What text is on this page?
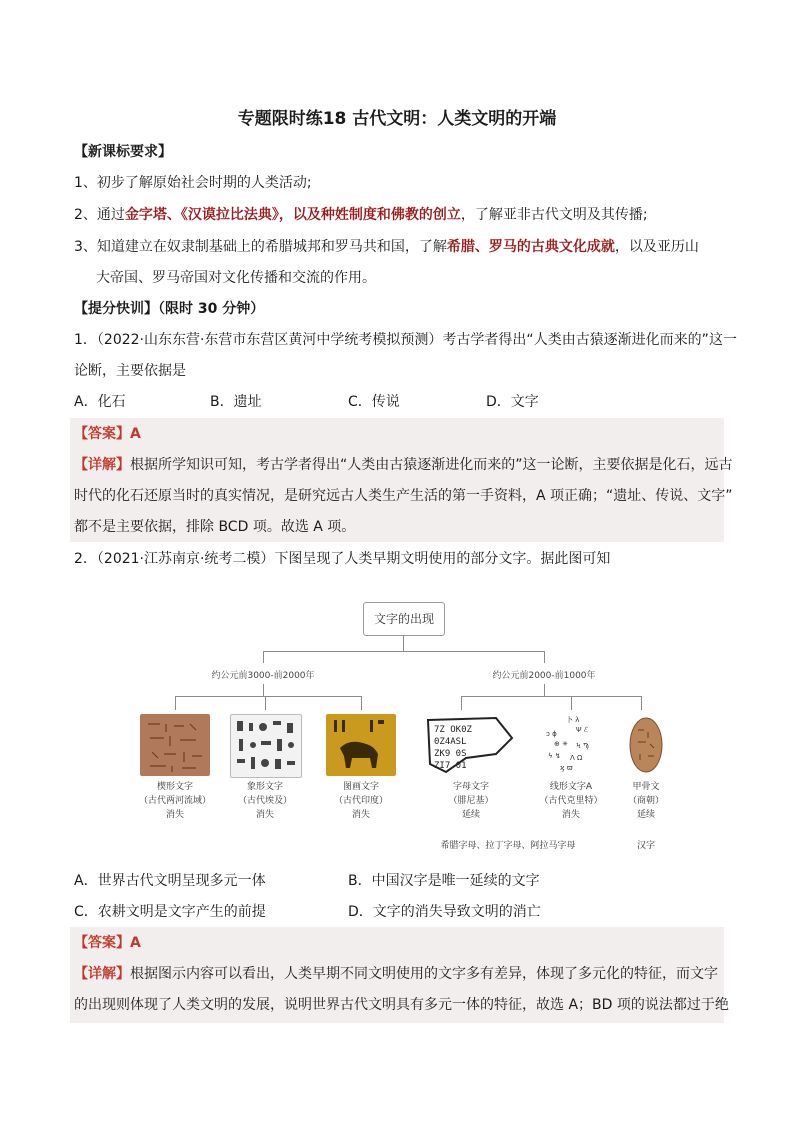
专题限时练18 古代文明：人类文明的开端
【新课标要求】
1、初步了解原始社会时期的人类活动;
2、通过金字塔、《汉谟拉比法典》，以及种姓制度和佛教的创立，了解亚非古代文明及其传播;
3、知道建立在奴隶制基础上的希腊城邦和罗马共和国，了解希腊、罗马的古典文化成就，以及亚历山
大帝国、罗马帝国对文化传播和交流的作用。
【提分快训】（限时 30 分钟）
1．（2022·山东东营·东营市东营区黄河中学统考模拟预测）考古学者得出“人类由古猿逐渐进化而来的”这一
论断，主要依据是
A．化石	B．遗址	C．传说	D．文字
【答案】A
【详解】根据所学知识可知，考古学者得出“人类由古猿逐渐进化而来的”这一论断，主要依据是化石，远古
时代的化石还原当时的真实情况，是研究远古人类生产生活的第一手资料，A 项正确；“遗址、传说、文字”
都不是主要依据，排除 BCD 项。故选 A 项。
2．（2021·江苏南京·统考二模）下图呈现了人类早期文明使用的部分文字。据此图可知
文字的出现
约公元前3000-前2000年	约公元前2000-前1000年
7Z OK0Z
0Z4ASL
ZK9 0S
ZI7 01
卜 λ
Ψ ℰ
ↄ ϕ
⊕ ✳ Ϟ Ϡ
ϟ ↯ Λ Ω
ϗ ϖ
楔形文字
（古代两河流域）
消失
象形文字
（古代埃及）
消失
图画文字
（古代印度）
消失
字母文字
（腓尼基）
延续
线形文字A
（古代克里特）
消失
甲骨文
（商朝）
延续
希腊字母、拉丁字母、阿拉马字母	汉字
A．世界古代文明呈现多元一体	B．中国汉字是唯一延续的文字
C．农耕文明是文字产生的前提	D．文字的消失导致文明的消亡
【答案】A
【详解】根据图示内容可以看出，人类早期不同文明使用的文字多有差异，体现了多元化的特征，而文字
的出现则体现了人类文明的发展，说明世界古代文明具有多元一体的特征，故选 A；BD 项的说法都过于绝
